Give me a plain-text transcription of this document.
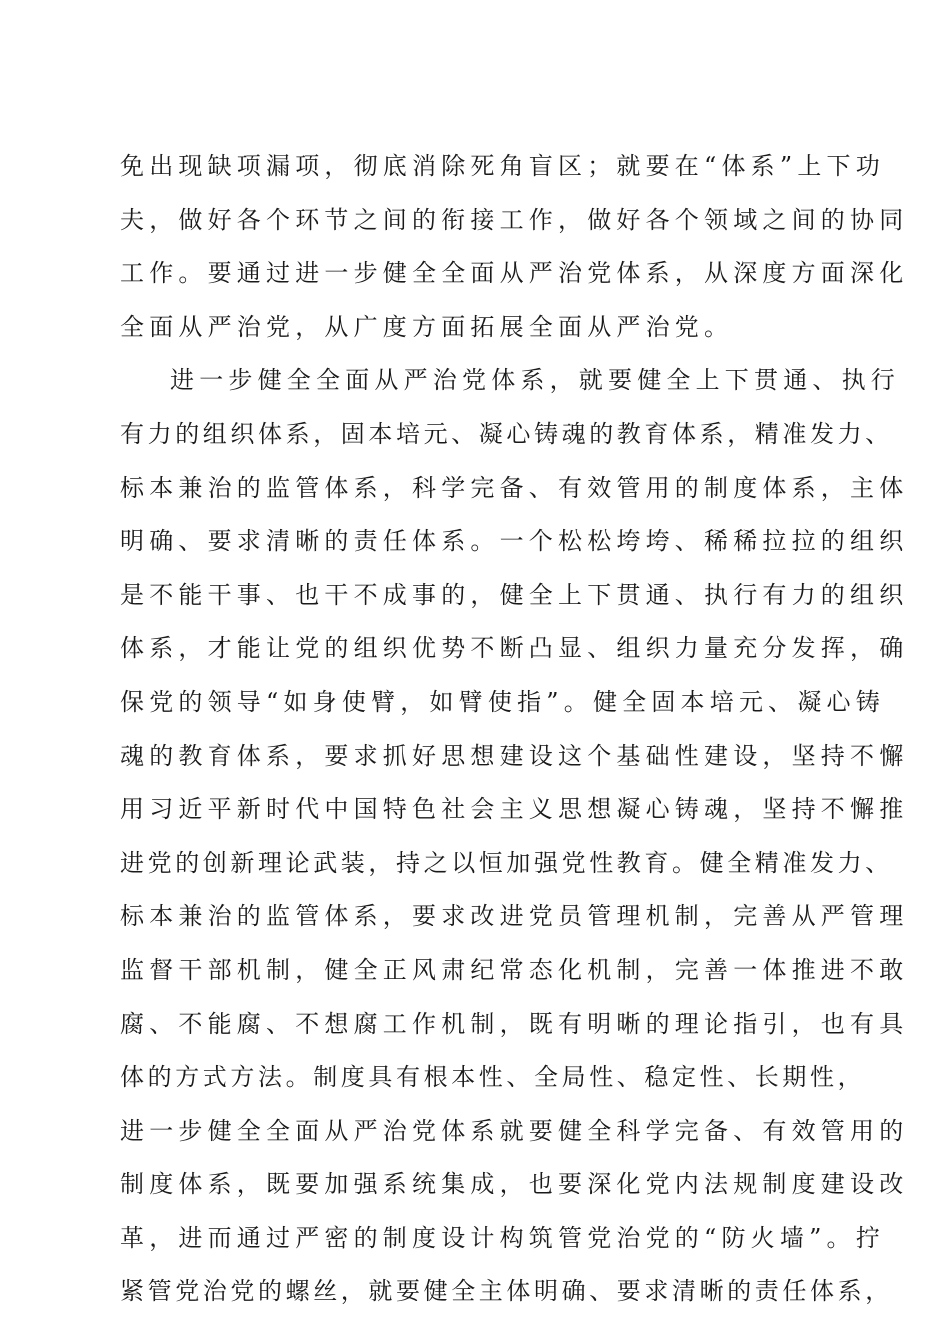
免出现缺项漏项，彻底消除死角盲区；就要在“体系”上下功
夫，做好各个环节之间的衔接工作，做好各个领域之间的协同
工作。要通过进一步健全全面从严治党体系，从深度方面深化
全面从严治党，从广度方面拓展全面从严治党。
进一步健全全面从严治党体系，就要健全上下贯通、执行
有力的组织体系，固本培元、凝心铸魂的教育体系，精准发力、
标本兼治的监管体系，科学完备、有效管用的制度体系，主体
明确、要求清晰的责任体系。一个松松垮垮、稀稀拉拉的组织
是不能干事、也干不成事的，健全上下贯通、执行有力的组织
体系，才能让党的组织优势不断凸显、组织力量充分发挥，确
保党的领导“如身使臂，如臂使指”。健全固本培元、凝心铸
魂的教育体系，要求抓好思想建设这个基础性建设，坚持不懈
用习近平新时代中国特色社会主义思想凝心铸魂，坚持不懈推
进党的创新理论武装，持之以恒加强党性教育。健全精准发力、
标本兼治的监管体系，要求改进党员管理机制，完善从严管理
监督干部机制，健全正风肃纪常态化机制，完善一体推进不敢
腐、不能腐、不想腐工作机制，既有明晰的理论指引，也有具
体的方式方法。制度具有根本性、全局性、稳定性、长期性，
进一步健全全面从严治党体系就要健全科学完备、有效管用的
制度体系，既要加强系统集成，也要深化党内法规制度建设改
革，进而通过严密的制度设计构筑管党治党的“防火墙”。拧
紧管党治党的螺丝，就要健全主体明确、要求清晰的责任体系，
